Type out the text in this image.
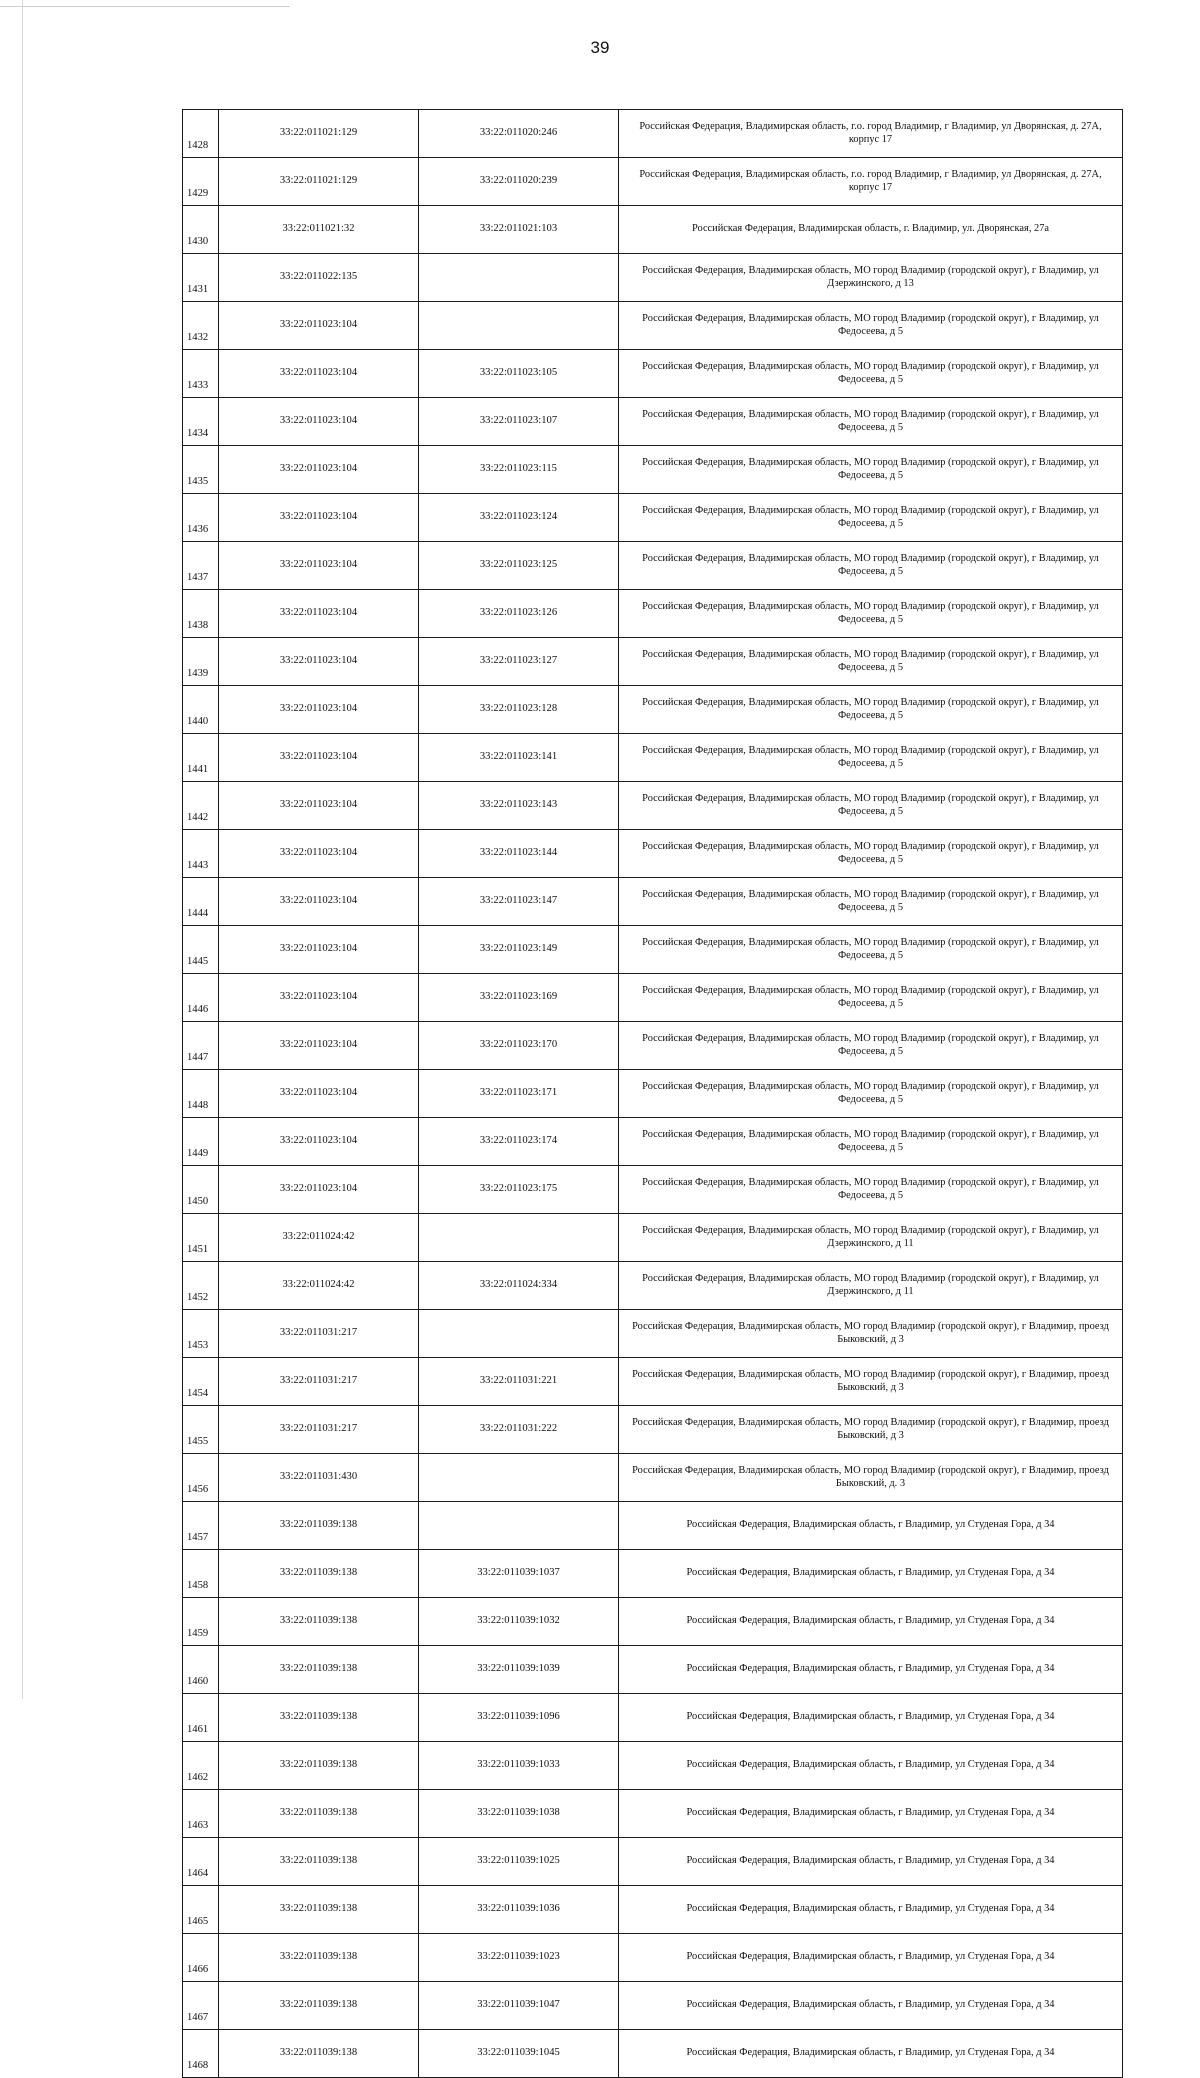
39
1428	33:22:011021:129	33:22:011020:246	Российская Федерация, Владимирская область, г.о. город Владимир, г Владимир, ул Дворянская, д. 27А, корпус 17
1429	33:22:011021:129	33:22:011020:239	Российская Федерация, Владимирская область, г.о. город Владимир, г Владимир, ул Дворянская, д. 27А, корпус 17
1430	33:22:011021:32	33:22:011021:103	Российская Федерация, Владимирская область, г. Владимир, ул. Дворянская, 27а
1431	33:22:011022:135		Российская Федерация, Владимирская область, МО город Владимир (городской округ), г Владимир, ул Дзержинского, д 13
1432	33:22:011023:104		Российская Федерация, Владимирская область, МО город Владимир (городской округ), г Владимир, ул Федосеева, д 5
1433	33:22:011023:104	33:22:011023:105	Российская Федерация, Владимирская область, МО город Владимир (городской округ), г Владимир, ул Федосеева, д 5
1434	33:22:011023:104	33:22:011023:107	Российская Федерация, Владимирская область, МО город Владимир (городской округ), г Владимир, ул Федосеева, д 5
1435	33:22:011023:104	33:22:011023:115	Российская Федерация, Владимирская область, МО город Владимир (городской округ), г Владимир, ул Федосеева, д 5
1436	33:22:011023:104	33:22:011023:124	Российская Федерация, Владимирская область, МО город Владимир (городской округ), г Владимир, ул Федосеева, д 5
1437	33:22:011023:104	33:22:011023:125	Российская Федерация, Владимирская область, МО город Владимир (городской округ), г Владимир, ул Федосеева, д 5
1438	33:22:011023:104	33:22:011023:126	Российская Федерация, Владимирская область, МО город Владимир (городской округ), г Владимир, ул Федосеева, д 5
1439	33:22:011023:104	33:22:011023:127	Российская Федерация, Владимирская область, МО город Владимир (городской округ), г Владимир, ул Федосеева, д 5
1440	33:22:011023:104	33:22:011023:128	Российская Федерация, Владимирская область, МО город Владимир (городской округ), г Владимир, ул Федосеева, д 5
1441	33:22:011023:104	33:22:011023:141	Российская Федерация, Владимирская область, МО город Владимир (городской округ), г Владимир, ул Федосеева, д 5
1442	33:22:011023:104	33:22:011023:143	Российская Федерация, Владимирская область, МО город Владимир (городской округ), г Владимир, ул Федосеева, д 5
1443	33:22:011023:104	33:22:011023:144	Российская Федерация, Владимирская область, МО город Владимир (городской округ), г Владимир, ул Федосеева, д 5
1444	33:22:011023:104	33:22:011023:147	Российская Федерация, Владимирская область, МО город Владимир (городской округ), г Владимир, ул Федосеева, д 5
1445	33:22:011023:104	33:22:011023:149	Российская Федерация, Владимирская область, МО город Владимир (городской округ), г Владимир, ул Федосеева, д 5
1446	33:22:011023:104	33:22:011023:169	Российская Федерация, Владимирская область, МО город Владимир (городской округ), г Владимир, ул Федосеева, д 5
1447	33:22:011023:104	33:22:011023:170	Российская Федерация, Владимирская область, МО город Владимир (городской округ), г Владимир, ул Федосеева, д 5
1448	33:22:011023:104	33:22:011023:171	Российская Федерация, Владимирская область, МО город Владимир (городской округ), г Владимир, ул Федосеева, д 5
1449	33:22:011023:104	33:22:011023:174	Российская Федерация, Владимирская область, МО город Владимир (городской округ), г Владимир, ул Федосеева, д 5
1450	33:22:011023:104	33:22:011023:175	Российская Федерация, Владимирская область, МО город Владимир (городской округ), г Владимир, ул Федосеева, д 5
1451	33:22:011024:42		Российская Федерация, Владимирская область, МО город Владимир (городской округ), г Владимир, ул Дзержинского, д 11
1452	33:22:011024:42	33:22:011024:334	Российская Федерация, Владимирская область, МО город Владимир (городской округ), г Владимир, ул Дзержинского, д 11
1453	33:22:011031:217		Российская Федерация, Владимирская область, МО город Владимир (городской округ), г Владимир, проезд Быковский, д 3
1454	33:22:011031:217	33:22:011031:221	Российская Федерация, Владимирская область, МО город Владимир (городской округ), г Владимир, проезд Быковский, д 3
1455	33:22:011031:217	33:22:011031:222	Российская Федерация, Владимирская область, МО город Владимир (городской округ), г Владимир, проезд Быковский, д 3
1456	33:22:011031:430		Российская Федерация, Владимирская область, МО город Владимир (городской округ), г Владимир, проезд Быковский, д. 3
1457	33:22:011039:138		Российская Федерация, Владимирская область, г Владимир, ул Студеная Гора, д 34
1458	33:22:011039:138	33:22:011039:1037	Российская Федерация, Владимирская область, г Владимир, ул Студеная Гора, д 34
1459	33:22:011039:138	33:22:011039:1032	Российская Федерация, Владимирская область, г Владимир, ул Студеная Гора, д 34
1460	33:22:011039:138	33:22:011039:1039	Российская Федерация, Владимирская область, г Владимир, ул Студеная Гора, д 34
1461	33:22:011039:138	33:22:011039:1096	Российская Федерация, Владимирская область, г Владимир, ул Студеная Гора, д 34
1462	33:22:011039:138	33:22:011039:1033	Российская Федерация, Владимирская область, г Владимир, ул Студеная Гора, д 34
1463	33:22:011039:138	33:22:011039:1038	Российская Федерация, Владимирская область, г Владимир, ул Студеная Гора, д 34
1464	33:22:011039:138	33:22:011039:1025	Российская Федерация, Владимирская область, г Владимир, ул Студеная Гора, д 34
1465	33:22:011039:138	33:22:011039:1036	Российская Федерация, Владимирская область, г Владимир, ул Студеная Гора, д 34
1466	33:22:011039:138	33:22:011039:1023	Российская Федерация, Владимирская область, г Владимир, ул Студеная Гора, д 34
1467	33:22:011039:138	33:22:011039:1047	Российская Федерация, Владимирская область, г Владимир, ул Студеная Гора, д 34
1468	33:22:011039:138	33:22:011039:1045	Российская Федерация, Владимирская область, г Владимир, ул Студеная Гора, д 34
